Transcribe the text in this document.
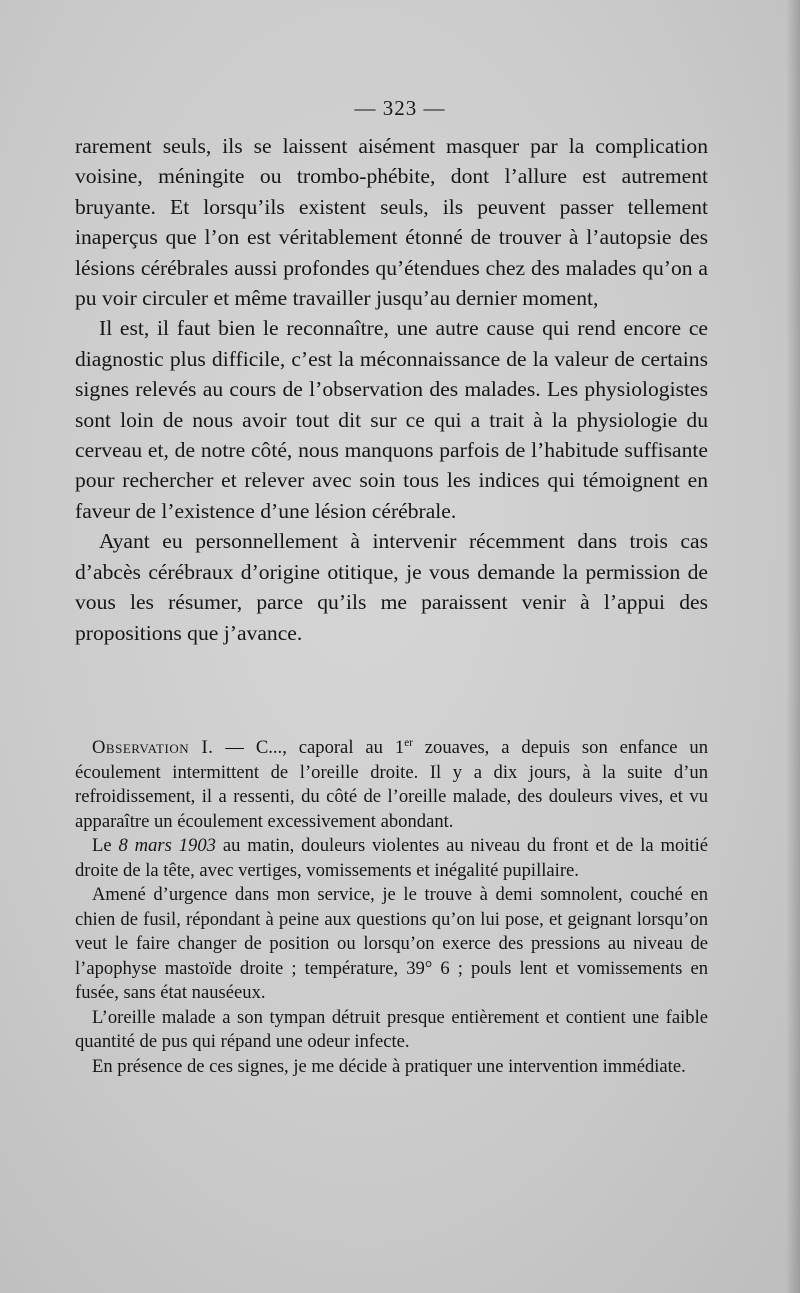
— 323 —

rarement seuls, ils se laissent aisément masquer par la complication voisine, méningite ou trombo-phébite, dont l’allure est autrement bruyante. Et lorsqu’ils existent seuls, ils peuvent passer tellement inaperçus que l’on est véritablement étonné de trouver à l’autopsie des lésions cérébrales aussi profondes qu’étendues chez des malades qu’on a pu voir circuler et même travailler jusqu’au dernier moment,

Il est, il faut bien le reconnaître, une autre cause qui rend encore ce diagnostic plus difficile, c’est la méconnaissance de la valeur de certains signes relevés au cours de l’observation des malades. Les physiologistes sont loin de nous avoir tout dit sur ce qui a trait à la physiologie du cerveau et, de notre côté, nous manquons parfois de l’habitude suffisante pour rechercher et relever avec soin tous les indices qui témoignent en faveur de l’existence d’une lésion cérébrale.

Ayant eu personnellement à intervenir récemment dans trois cas d’abcès cérébraux d’origine otitique, je vous demande la permission de vous les résumer, parce qu’ils me paraissent venir à l’appui des propositions que j’avance.

Observation I. — C..., caporal au 1er zouaves, a depuis son enfance un écoulement intermittent de l’oreille droite. Il y a dix jours, à la suite d’un refroidissement, il a ressenti, du côté de l’oreille malade, des douleurs vives, et vu apparaître un écoulement excessivement abondant.

Le 8 mars 1903 au matin, douleurs violentes au niveau du front et de la moitié droite de la tête, avec vertiges, vomissements et inégalité pupillaire.

Amené d’urgence dans mon service, je le trouve à demi somnolent, couché en chien de fusil, répondant à peine aux questions qu’on lui pose, et geignant lorsqu’on veut le faire changer de position ou lorsqu’on exerce des pressions au niveau de l’apophyse mastoïde droite ; température, 39° 6 ; pouls lent et vomissements en fusée, sans état nauséeux.

L’oreille malade a son tympan détruit presque entièrement et contient une faible quantité de pus qui répand une odeur infecte.

En présence de ces signes, je me décide à pratiquer une intervention immédiate.
